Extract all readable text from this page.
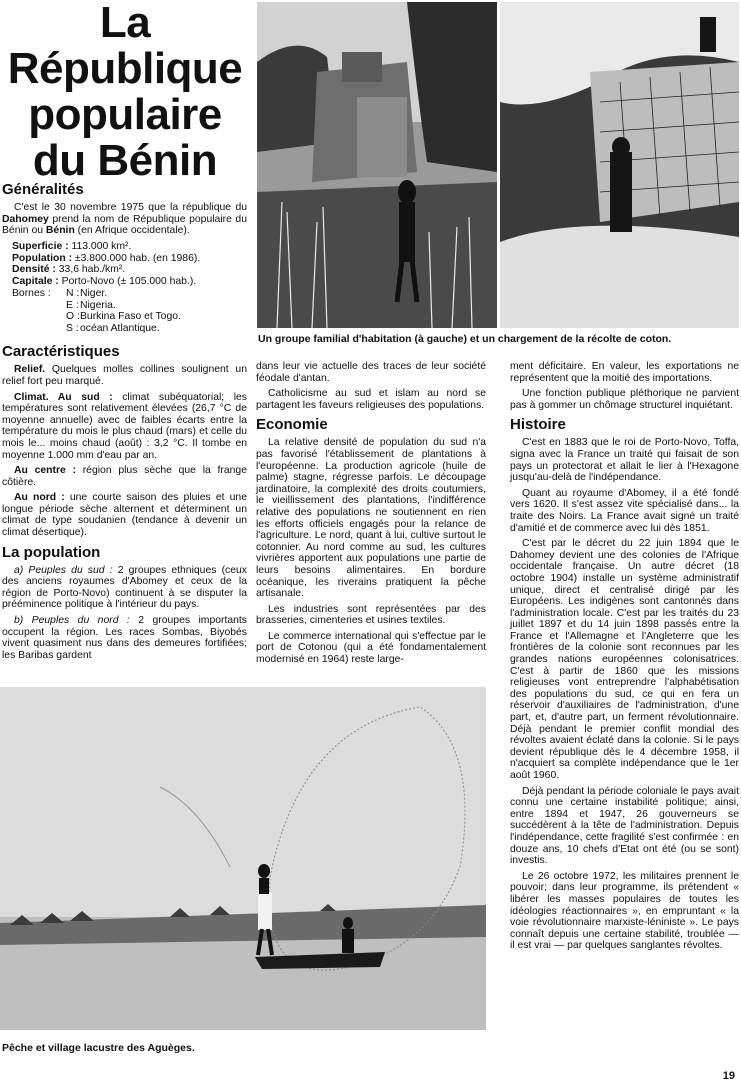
La
République
populaire
du Bénin
Un groupe familial d'habitation (à gauche) et un chargement de la récolte de coton.
Pêche et village lacustre des Aguèges.
Généralités

C'est le 30 novembre 1975 que la république du Dahomey prend la nom de République populaire du Bénin ou Bénin (en Afrique occidentale).

Superficie : 113.000 km².
Population : ±3.800.000 hab. (en 1986).
Densité : 33,6 hab./km².
Capitale : Porto-Novo (± 105.000 hab.).
Bornes :	N : Niger.
E : Nigeria.
O : Burkina Faso et Togo.
S : océan Atlantique.
Caractéristiques

Relief. Quelques molles collines soulignent un relief fort peu marqué.

Climat. Au sud : climat subéquatorial; les températures sont relativement élevées (26,7 °C de moyenne annuelle) avec de faibles écarts entre la température du mois le plus chaud (mars) et celle du mois le... moins chaud (août) : 3,2 °C. Il tombe en moyenne 1.000 mm d'eau par an.

Au centre : région plus sèche que la frange côtière.

Au nord : une courte saison des pluies et une longue période sèche alternent et déterminent un climat de type soudanien (tendance à devenir un climat désertique).

La population

a) Peuples du sud : 2 groupes ethniques (ceux des anciens royaumes d'Abomey et ceux de la région de Porto-Novo) continuent à se disputer la prééminence politique à l'intérieur du pays.

b) Peuples du nord : 2 groupes importants occupent la région. Les races Sombas, Biyobés vivent quasiment nus dans des demeures fortifiées; les Baribas gardent

dans leur vie actuelle des traces de leur société féodale d'antan.

Catholicisme au sud et islam au nord se partagent les faveurs religieuses des populations.

Economie

La relative densité de population du sud n'a pas favorisé l'établissement de plantations à l'européenne. La production agricole (huile de palme) stagne, régresse parfois. Le découpage jardinatoire, la complexité des droits coutumiers, le vieillissement des plantations, l'indifférence relative des populations ne soutiennent en rien les efforts officiels engagés pour la relance de l'agriculture. Le nord, quant à lui, cultive surtout le cotonnier. Au nord comme au sud, les cultures vivrières apportent aux populations une partie de leurs besoins alimentaires. En bordure océanique, les riverains pratiquent la pêche artisanale.

Les industries sont représentées par des brasseries, cimenteries et usines textiles.

Le commerce international qui s'effectue par le port de Cotonou (qui a été fondamentalement modernisé en 1964) reste large-

ment déficitaire. En valeur, les exportations ne représentent que la moitié des importations.

Une fonction publique pléthorique ne parvient pas à gommer un chômage structurel inquiétant.

Histoire

C'est en 1883 que le roi de Porto-Novo, Toffa, signa avec la France un traité qui faisait de son pays un protectorat et allait le lier à l'Hexagone jusqu'au-delà de l'indépendance.

Quant au royaume d'Abomey, il a été fondé vers 1620. Il s'est assez vite spécialisé dans... la traite des Noirs. La France avait signé un traité d'amitié et de commerce avec lui dès 1851.

C'est par le décret du 22 juin 1894 que le Dahomey devient une des colonies de l'Afrique occidentale française. Un autre décret (18 octobre 1904) installe un système administratif unique, direct et centralisé dirigé par les Européens. Les indigènes sont cantonnés dans l'administration locale. C'est par les traités du 23 juillet 1897 et du 14 juin 1898 passés entre la France et l'Allemagne et l'Angleterre que les frontières de la colonie sont reconnues par les grandes nations européennes colonisatrices. C'est à partir de 1860 que les missions religieuses vont entreprendre l'alphabétisation des populations du sud, ce qui en fera un réservoir d'auxiliaires de l'administration, d'une part, et, d'autre part, un ferment révolutionnaire. Déjà pendant le premier conflit mondial des révoltes avaient éclaté dans la colonie. Si le pays devient république dès le 4 décembre 1958, il n'acquiert sa complète indépendance que le 1er août 1960.

Déjà pendant la période coloniale le pays avait connu une certaine instabilité politique; ainsi, entre 1894 et 1947, 26 gouverneurs se succédèrent à la tête de l'administration. Depuis l'indépendance, cette fragilité s'est confirmée : en douze ans, 10 chefs d'Etat ont été (ou se sont) investis.

Le 26 octobre 1972, les militaires prennent le pouvoir; dans leur programme, ils prétendent « libérer les masses populaires de toutes les idéologies réactionnaires », en empruntant « la voie révolutionnaire marxiste-léniniste ». Le pays connaît depuis une certaine stabilité, troublée — il est vrai — par quelques sanglantes révoltes.

19
